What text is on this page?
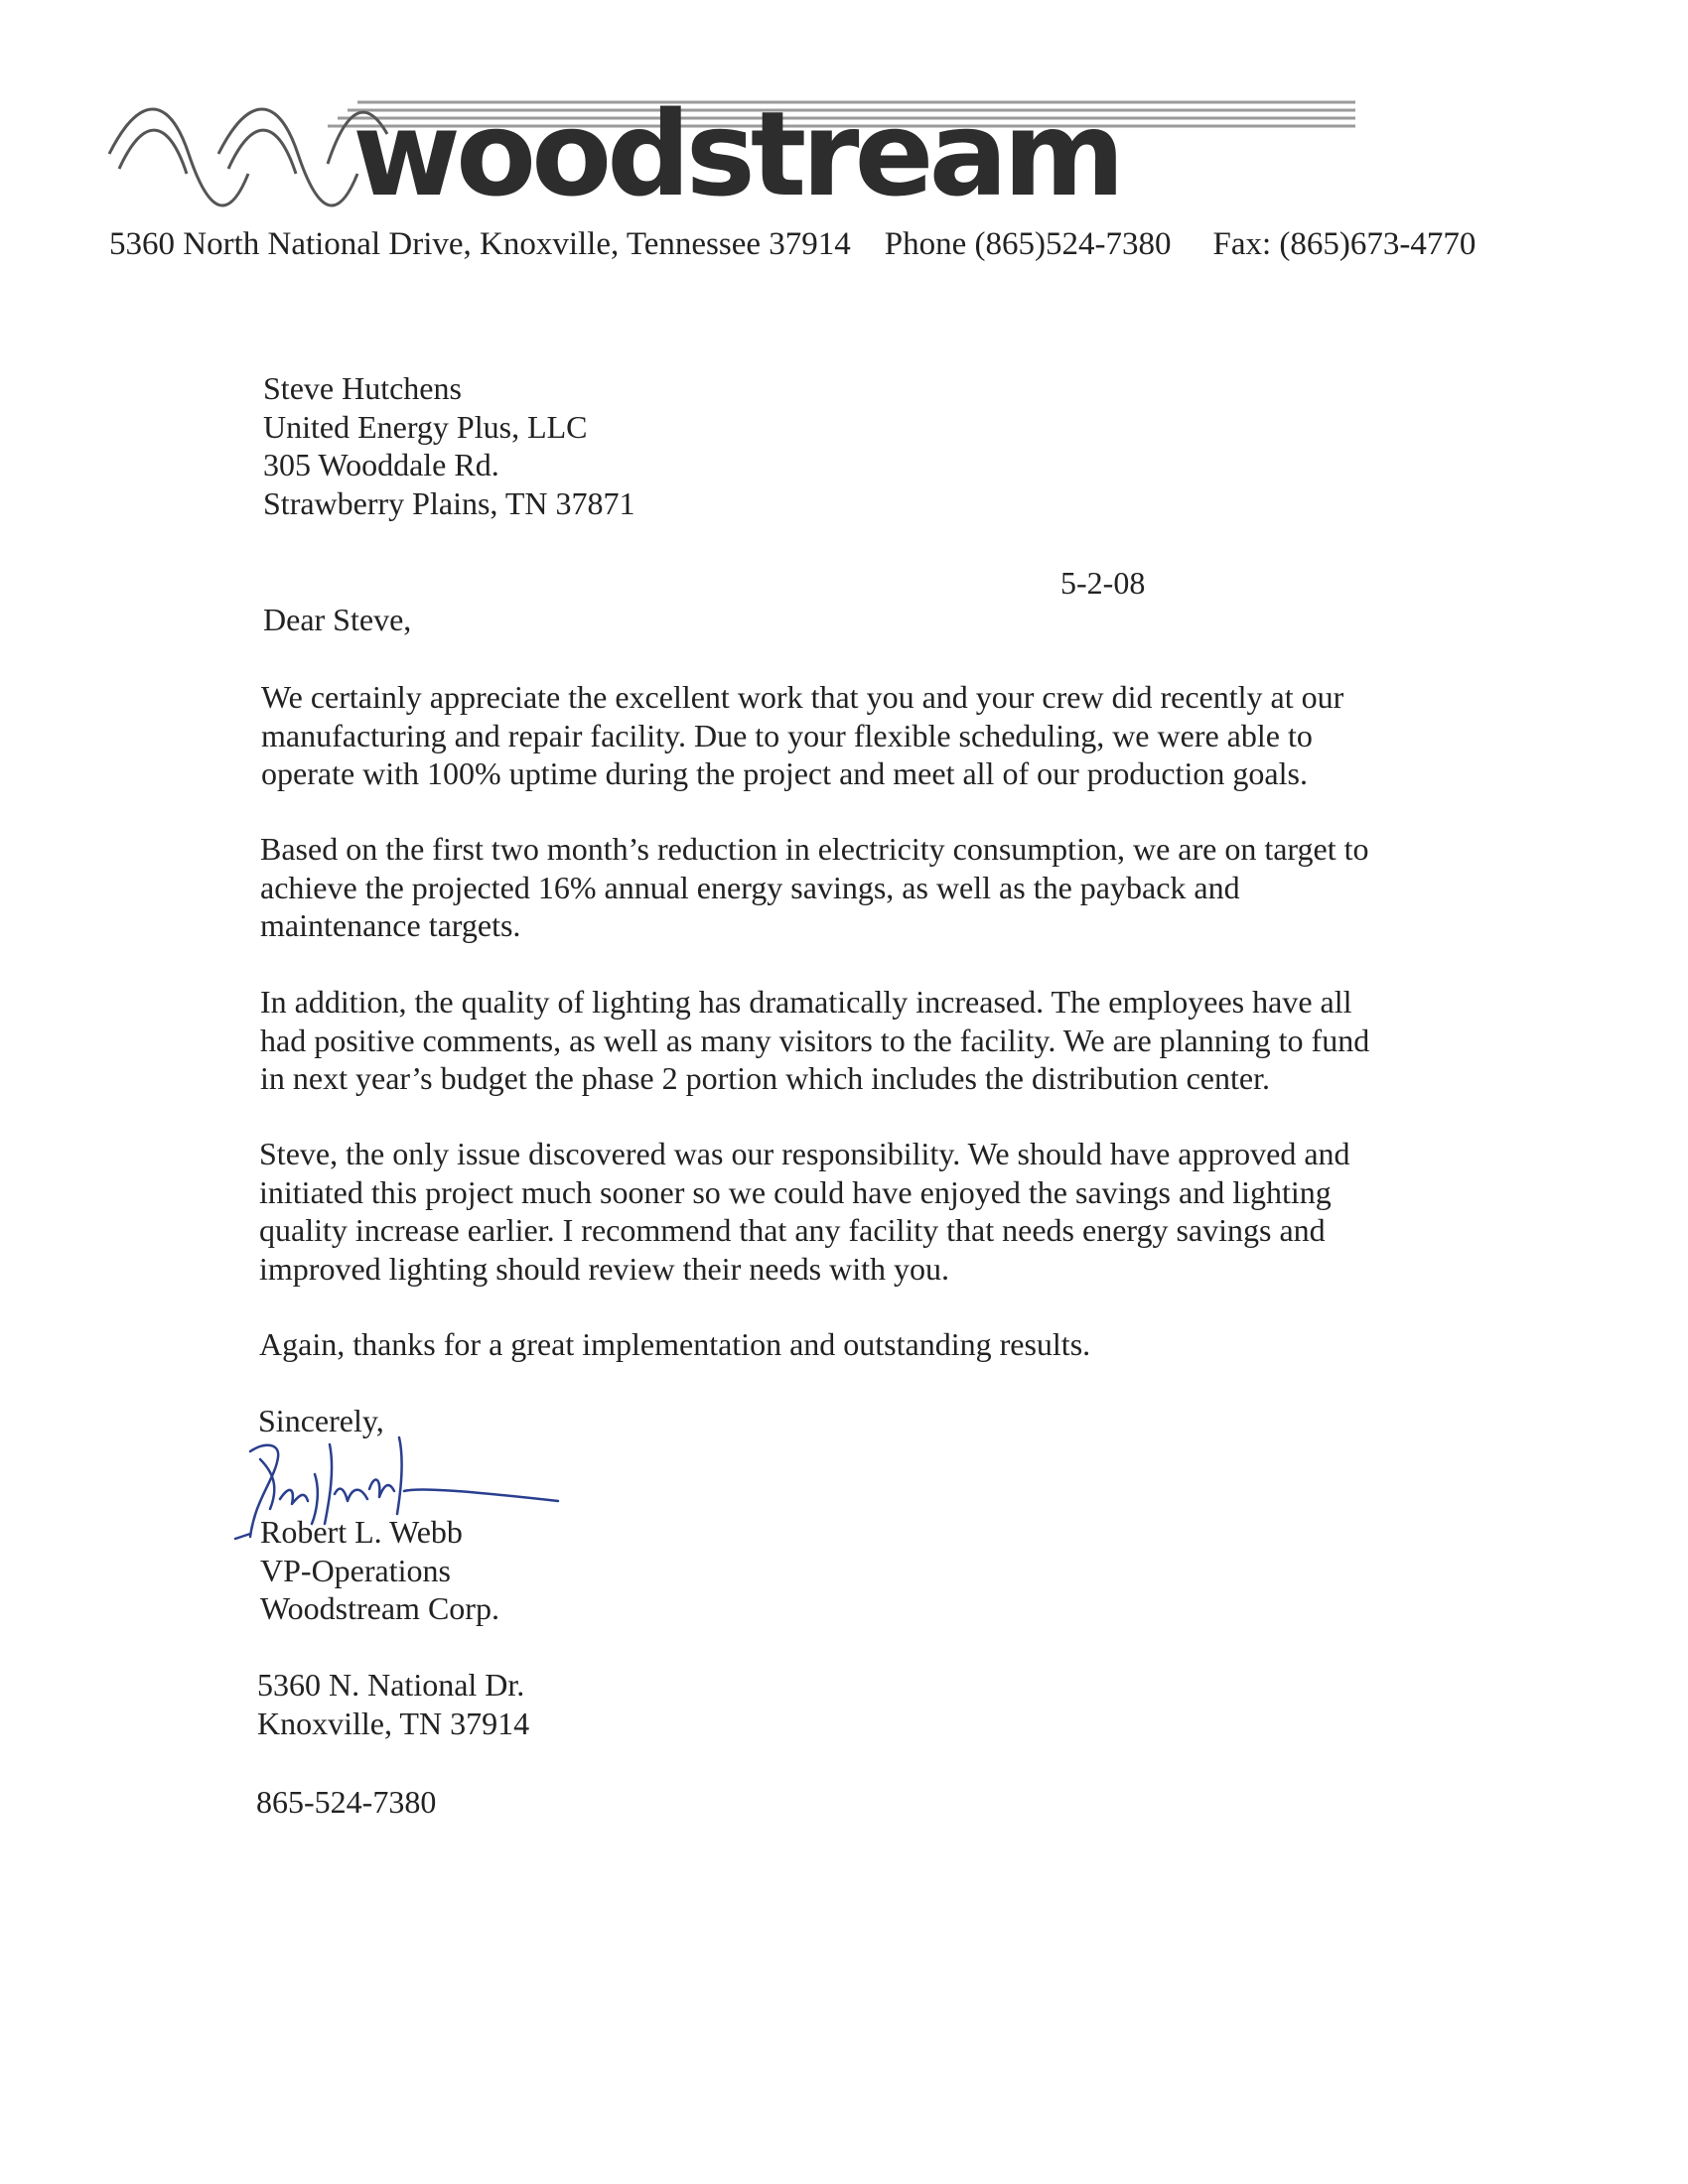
woodstream
5360 North National Drive, Knoxville, Tennessee 37914 Phone (865)524-7380 Fax: (865)673-4770
Steve Hutchens
United Energy Plus, LLC
305 Wooddale Rd.
Strawberry Plains, TN 37871
5-2-08
Dear Steve,
We certainly appreciate the excellent work that you and your crew did recently at our
manufacturing and repair facility. Due to your flexible scheduling, we were able to
operate with 100% uptime during the project and meet all of our production goals.
Based on the first two month’s reduction in electricity consumption, we are on target to
achieve the projected 16% annual energy savings, as well as the payback and
maintenance targets.
In addition, the quality of lighting has dramatically increased. The employees have all
had positive comments, as well as many visitors to the facility. We are planning to fund
in next year’s budget the phase 2 portion which includes the distribution center.
Steve, the only issue discovered was our responsibility. We should have approved and
initiated this project much sooner so we could have enjoyed the savings and lighting
quality increase earlier. I recommend that any facility that needs energy savings and
improved lighting should review their needs with you.
Again, thanks for a great implementation and outstanding results.
Sincerely,
Robert L. Webb
VP-Operations
Woodstream Corp.
5360 N. National Dr.
Knoxville, TN 37914
865-524-7380
